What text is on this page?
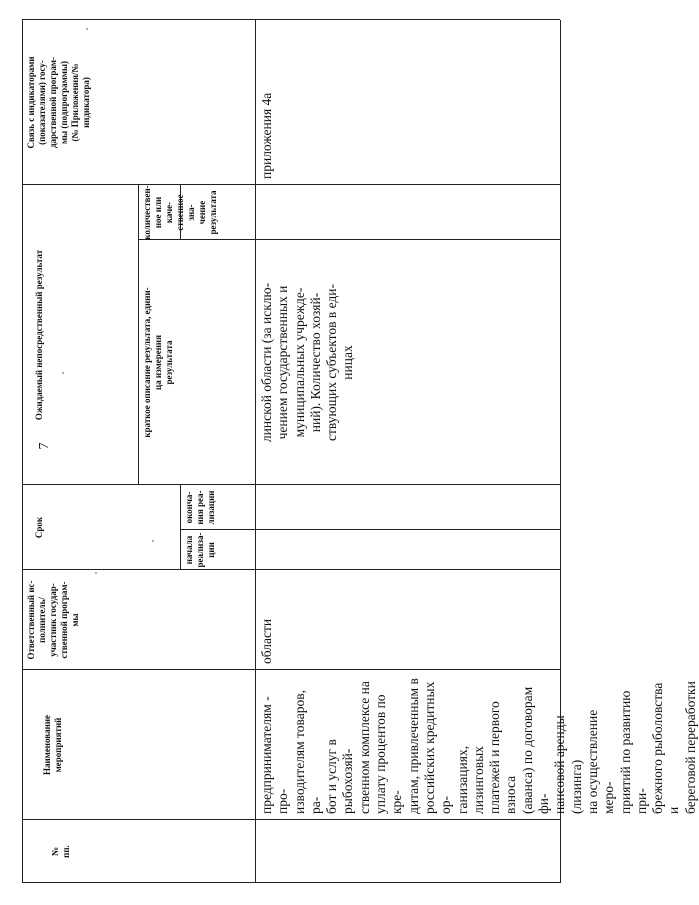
№
пп.
Наименование
мероприятий
Ответственный ис-
полнитель/
участник государ-
ственной програм-
мы
Срок
начала
реализа-
ции
оконча-
ния реа-
лизации
Ожидаемый непосредственный результат	краткое описание результата, едини-
ца измерения
результата
количествен-
ное или каче-
ственное зна-
чение
результата
Связь с индикаторами
(показателями) госу-
дарственной програм-
мы (подпрограммы)
(№ Приложения/№
индикатора)
предпринимателям - про-
изводителям товаров, ра-
бот и услуг в рыбохозяй-
ственном комплексе на
уплату процентов по кре-
дитам, привлеченным в
российских кредитных ор-
ганизациях, лизинговых
платежей и первого взноса
(аванса) по договорам фи-
нансовой аренды (лизинга)
на осуществление меро-
приятий по развитию при-
брежного рыболовства и
береговой переработки
области
линской области (за исклю-
чением государственных и
муниципальных учрежде-
ний). Количество хозяй-
ствующих субъектов в еди-
ницах
приложения 4а
7
